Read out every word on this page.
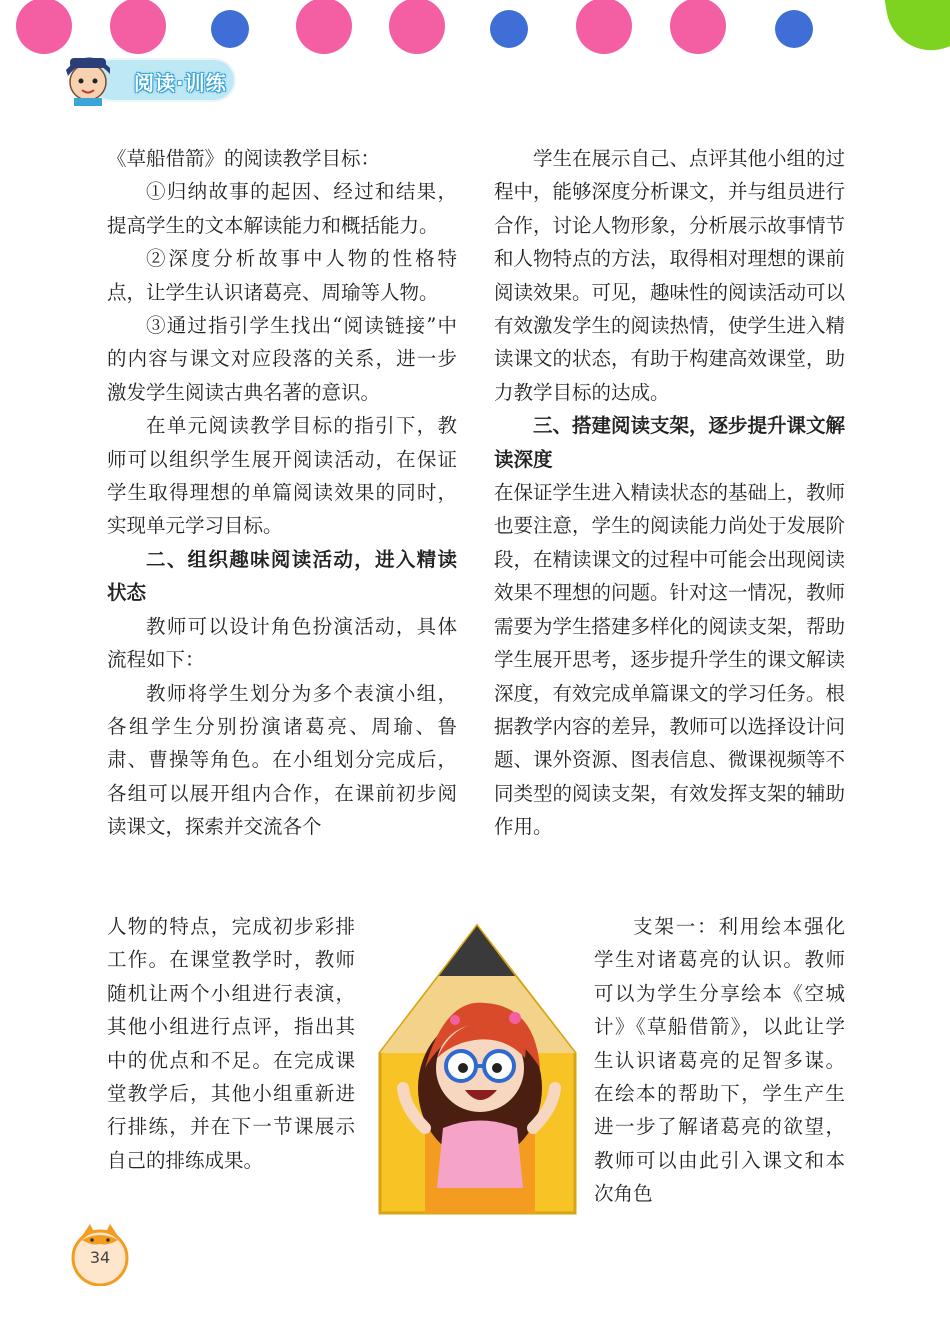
阅读·训练

《草船借箭》的阅读教学目标：

①归纳故事的起因、经过和结果，提高学生的文本解读能力和概括能力。

②深度分析故事中人物的性格特点，让学生认识诸葛亮、周瑜等人物。

③通过指引学生找出“阅读链接”中的内容与课文对应段落的关系，进一步激发学生阅读古典名著的意识。

在单元阅读教学目标的指引下，教师可以组织学生展开阅读活动，在保证学生取得理想的单篇阅读效果的同时，实现单元学习目标。

二、组织趣味阅读活动，进入精读状态

教师可以设计角色扮演活动，具体流程如下：

教师将学生划分为多个表演小组，各组学生分别扮演诸葛亮、周瑜、鲁肃、曹操等角色。在小组划分完成后，各组可以展开组内合作，在课前初步阅读课文，探索并交流各个

人物的特点，完成初步彩排工作。在课堂教学时，教师随机让两个小组进行表演，其他小组进行点评，指出其中的优点和不足。在完成课堂教学后，其他小组重新进行排练，并在下一节课展示自己的排练成果。

学生在展示自己、点评其他小组的过程中，能够深度分析课文，并与组员进行合作，讨论人物形象，分析展示故事情节和人物特点的方法，取得相对理想的课前阅读效果。可见，趣味性的阅读活动可以有效激发学生的阅读热情，使学生进入精读课文的状态，有助于构建高效课堂，助力教学目标的达成。

三、搭建阅读支架，逐步提升课文解读深度

在保证学生进入精读状态的基础上，教师也要注意，学生的阅读能力尚处于发展阶段，在精读课文的过程中可能会出现阅读效果不理想的问题。针对这一情况，教师需要为学生搭建多样化的阅读支架，帮助学生展开思考，逐步提升学生的课文解读深度，有效完成单篇课文的学习任务。根据教学内容的差异，教师可以选择设计问题、课外资源、图表信息、微课视频等不同类型的阅读支架，有效发挥支架的辅助作用。

支架一：利用绘本强化学生对诸葛亮的认识。教师可以为学生分享绘本《空城计》《草船借箭》，以此让学生认识诸葛亮的足智多谋。在绘本的帮助下，学生产生进一步了解诸葛亮的欲望，教师可以由此引入课文和本次角色

34
